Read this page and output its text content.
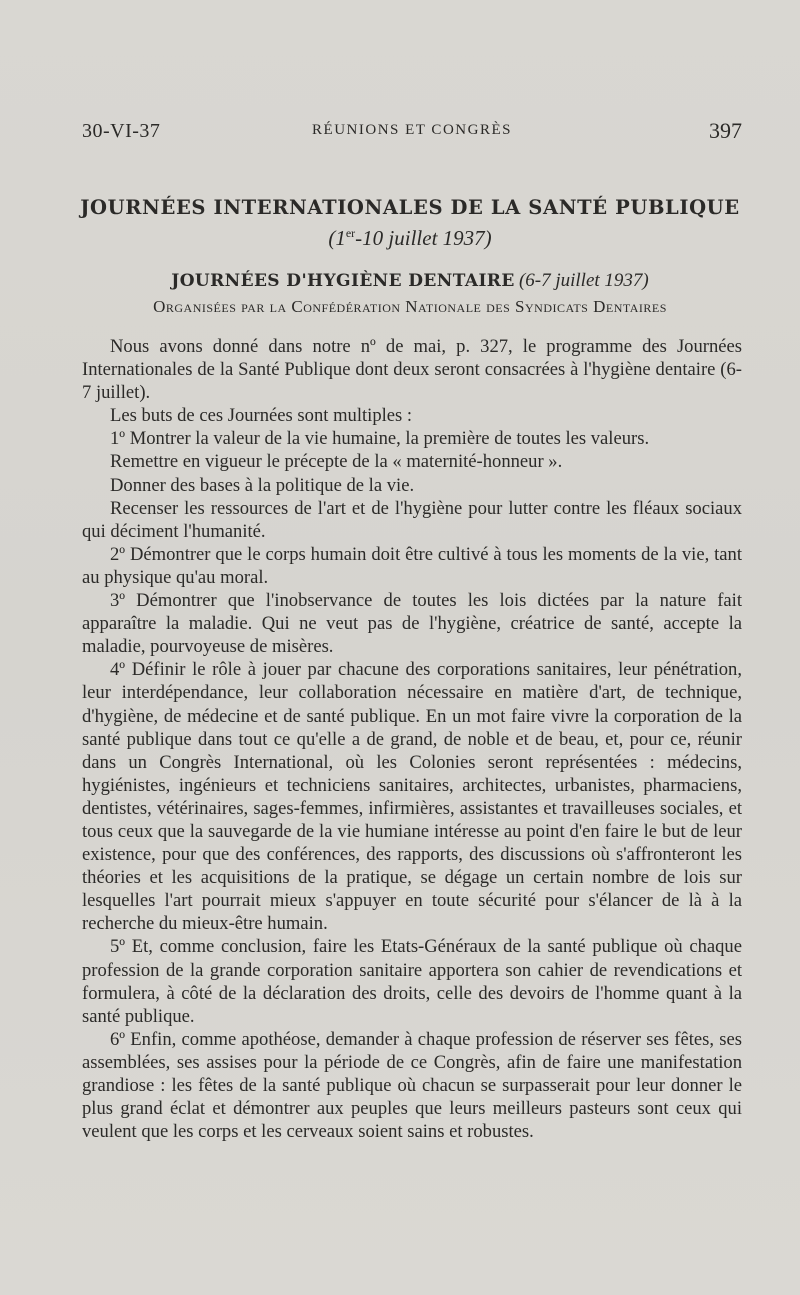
30-VI-37	RÉUNIONS ET CONGRÈS	397
JOURNÉES INTERNATIONALES DE LA SANTÉ PUBLIQUE
(1er-10 juillet 1937)
JOURNÉES D'HYGIÈNE DENTAIRE (6-7 juillet 1937)
Organisées par la Confédération Nationale des Syndicats Dentaires

Nous avons donné dans notre nº de mai, p. 327, le programme des Journées Internationales de la Santé Publique dont deux seront consacrées à l'hygiène dentaire (6-7 juillet).

Les buts de ces Journées sont multiples :

1º Montrer la valeur de la vie humaine, la première de toutes les valeurs.

Remettre en vigueur le précepte de la « maternité-honneur ».

Donner des bases à la politique de la vie.

Recenser les ressources de l'art et de l'hygiène pour lutter contre les fléaux sociaux qui déciment l'humanité.

2º Démontrer que le corps humain doit être cultivé à tous les moments de la vie, tant au physique qu'au moral.

3º Démontrer que l'inobservance de toutes les lois dictées par la nature fait apparaître la maladie. Qui ne veut pas de l'hygiène, créatrice de santé, accepte la maladie, pourvoyeuse de misères.

4º Définir le rôle à jouer par chacune des corporations sanitaires, leur pénétration, leur interdépendance, leur collaboration nécessaire en matière d'art, de technique, d'hygiène, de médecine et de santé publique. En un mot faire vivre la corporation de la santé publique dans tout ce qu'elle a de grand, de noble et de beau, et, pour ce, réunir dans un Congrès International, où les Colonies seront représentées : médecins, hygiénistes, ingénieurs et techniciens sanitaires, architectes, urbanistes, pharmaciens, dentistes, vétérinaires, sages-femmes, infirmières, assistantes et travailleuses sociales, et tous ceux que la sauvegarde de la vie humiane intéresse au point d'en faire le but de leur existence, pour que des conférences, des rapports, des discussions où s'affronteront les théories et les acquisitions de la pratique, se dégage un certain nombre de lois sur lesquelles l'art pourrait mieux s'appuyer en toute sécurité pour s'élancer de là à la recherche du mieux-être humain.

5º Et, comme conclusion, faire les Etats-Généraux de la santé publique où chaque profession de la grande corporation sanitaire apportera son cahier de revendications et formulera, à côté de la déclaration des droits, celle des devoirs de l'homme quant à la santé publique.

6º Enfin, comme apothéose, demander à chaque profession de réserver ses fêtes, ses assemblées, ses assises pour la période de ce Congrès, afin de faire une manifestation grandiose : les fêtes de la santé publique où chacun se surpasserait pour leur donner le plus grand éclat et démontrer aux peuples que leurs meilleurs pasteurs sont ceux qui veulent que les corps et les cerveaux soient sains et robustes.
